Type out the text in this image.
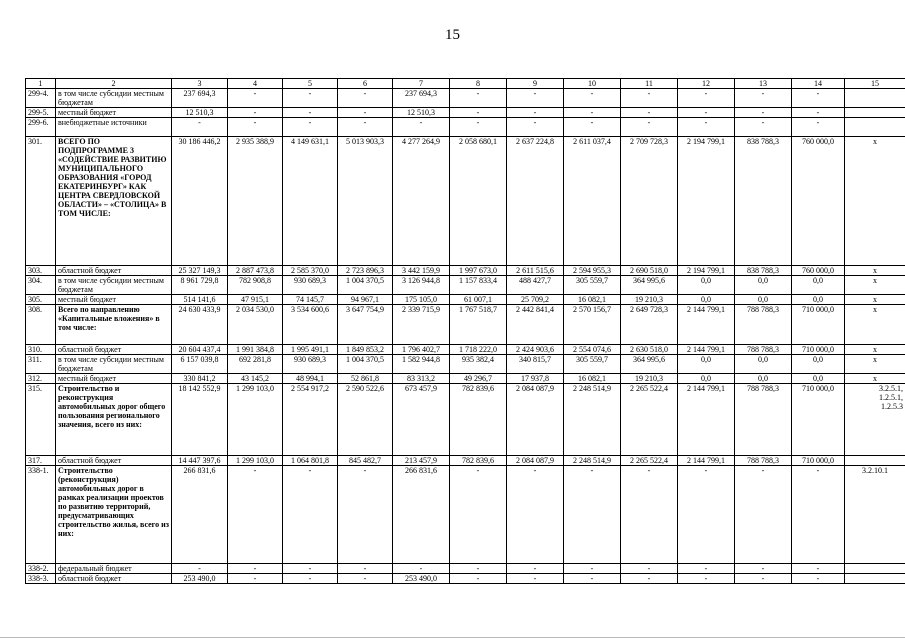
15
1	2	3	4	5	6	7	8	9	10	11	12	13	14	15
299-4.	в том числе субсидии местным бюджетам	237 694,3	-	-	-	237 694,3	-	-	-	-	-	-	-	
299-5.	местный бюджет	12 510,3	-	-	-	12 510,3	-	-	-	-	-	-	-	
299-6.	внебюджетные источники	-	-	-	-	-	-	-	-	-	-	-	-	
301.	ВСЕГО ПО ПОДПРОГРАММЕ 3 «СОДЕЙСТВИЕ РАЗВИТИЮ МУНИЦИПАЛЬНОГО ОБРАЗОВАНИЯ «ГОРОД ЕКАТЕРИНБУРГ» КАК ЦЕНТРА СВЕРДЛОВСКОЙ ОБЛАСТИ» – «СТОЛИЦА» В ТОМ ЧИСЛЕ:	30 186 446,2	2 935 388,9	4 149 631,1	5 013 903,3	4 277 264,9	2 058 680,1	2 637 224,8	2 611 037,4	2 709 728,3	2 194 799,1	838 788,3	760 000,0	x
303.	областной бюджет	25 327 149,3	2 887 473,8	2 585 370,0	2 723 896,3	3 442 159,9	1 997 673,0	2 611 515,6	2 594 955,3	2 690 518,0	2 194 799,1	838 788,3	760 000,0	x
304.	в том числе субсидии местным бюджетам	8 961 729,8	782 908,8	930 689,3	1 004 370,5	3 126 944,8	1 157 833,4	488 427,7	305 559,7	364 995,6	0,0	0,0	0,0	x
305.	местный бюджет	514 141,6	47 915,1	74 145,7	94 967,1	175 105,0	61 007,1	25 709,2	16 082,1	19 210,3	0,0	0,0	0,0	x
308.	Всего по направлению «Капитальные вложения» в том числе:	24 630 433,9	2 034 530,0	3 534 600,6	3 647 754,9	2 339 715,9	1 767 518,7	2 442 841,4	2 570 156,7	2 649 728,3	2 144 799,1	788 788,3	710 000,0	x
310.	областной бюджет	20 604 437,4	1 991 384,8	1 995 491,1	1 849 853,2	1 796 402,7	1 718 222,0	2 424 903,6	2 554 074,6	2 630 518,0	2 144 799,1	788 788,3	710 000,0	x
311.	в том числе субсидии местным бюджетам	6 157 039,8	692 281,8	930 689,3	1 004 370,5	1 582 944,8	935 382,4	340 815,7	305 559,7	364 995,6	0,0	0,0	0,0	x
312.	местный бюджет	330 841,2	43 145,2	48 994,1	52 861,8	83 313,2	49 296,7	17 937,8	16 082,1	19 210,3	0,0	0,0	0,0	x
315.	Строительство и реконструкция автомобильных дорог общего пользования регионального значения, всего из них:	18 142 552,9	1 299 103,0	2 554 917,2	2 590 522,6	673 457,9	782 839,6	2 084 087,9	2 248 514,9	2 265 522,4	2 144 799,1	788 788,3	710 000,0	3.2.5.1,
1.2.5.1,
1.2.5.3
317.	областной бюджет	14 447 397,6	1 299 103,0	1 064 801,8	845 482,7	213 457,9	782 839,6	2 084 087,9	2 248 514,9	2 265 522,4	2 144 799,1	788 788,3	710 000,0	
338-1.	Строительство (реконструкция) автомобильных дорог в рамках реализации проектов по развитию территорий, предусматривающих строительство жилья, всего из них:	266 831,6	-	-	-	266 831,6	-	-	-	-	-	-	-	3.2.10.1
338-2.	федеральный бюджет	-	-	-	-	-	-	-	-	-	-	-	-	
338-3.	областной бюджет	253 490,0	-	-	-	253 490,0	-	-	-	-	-	-	-	
